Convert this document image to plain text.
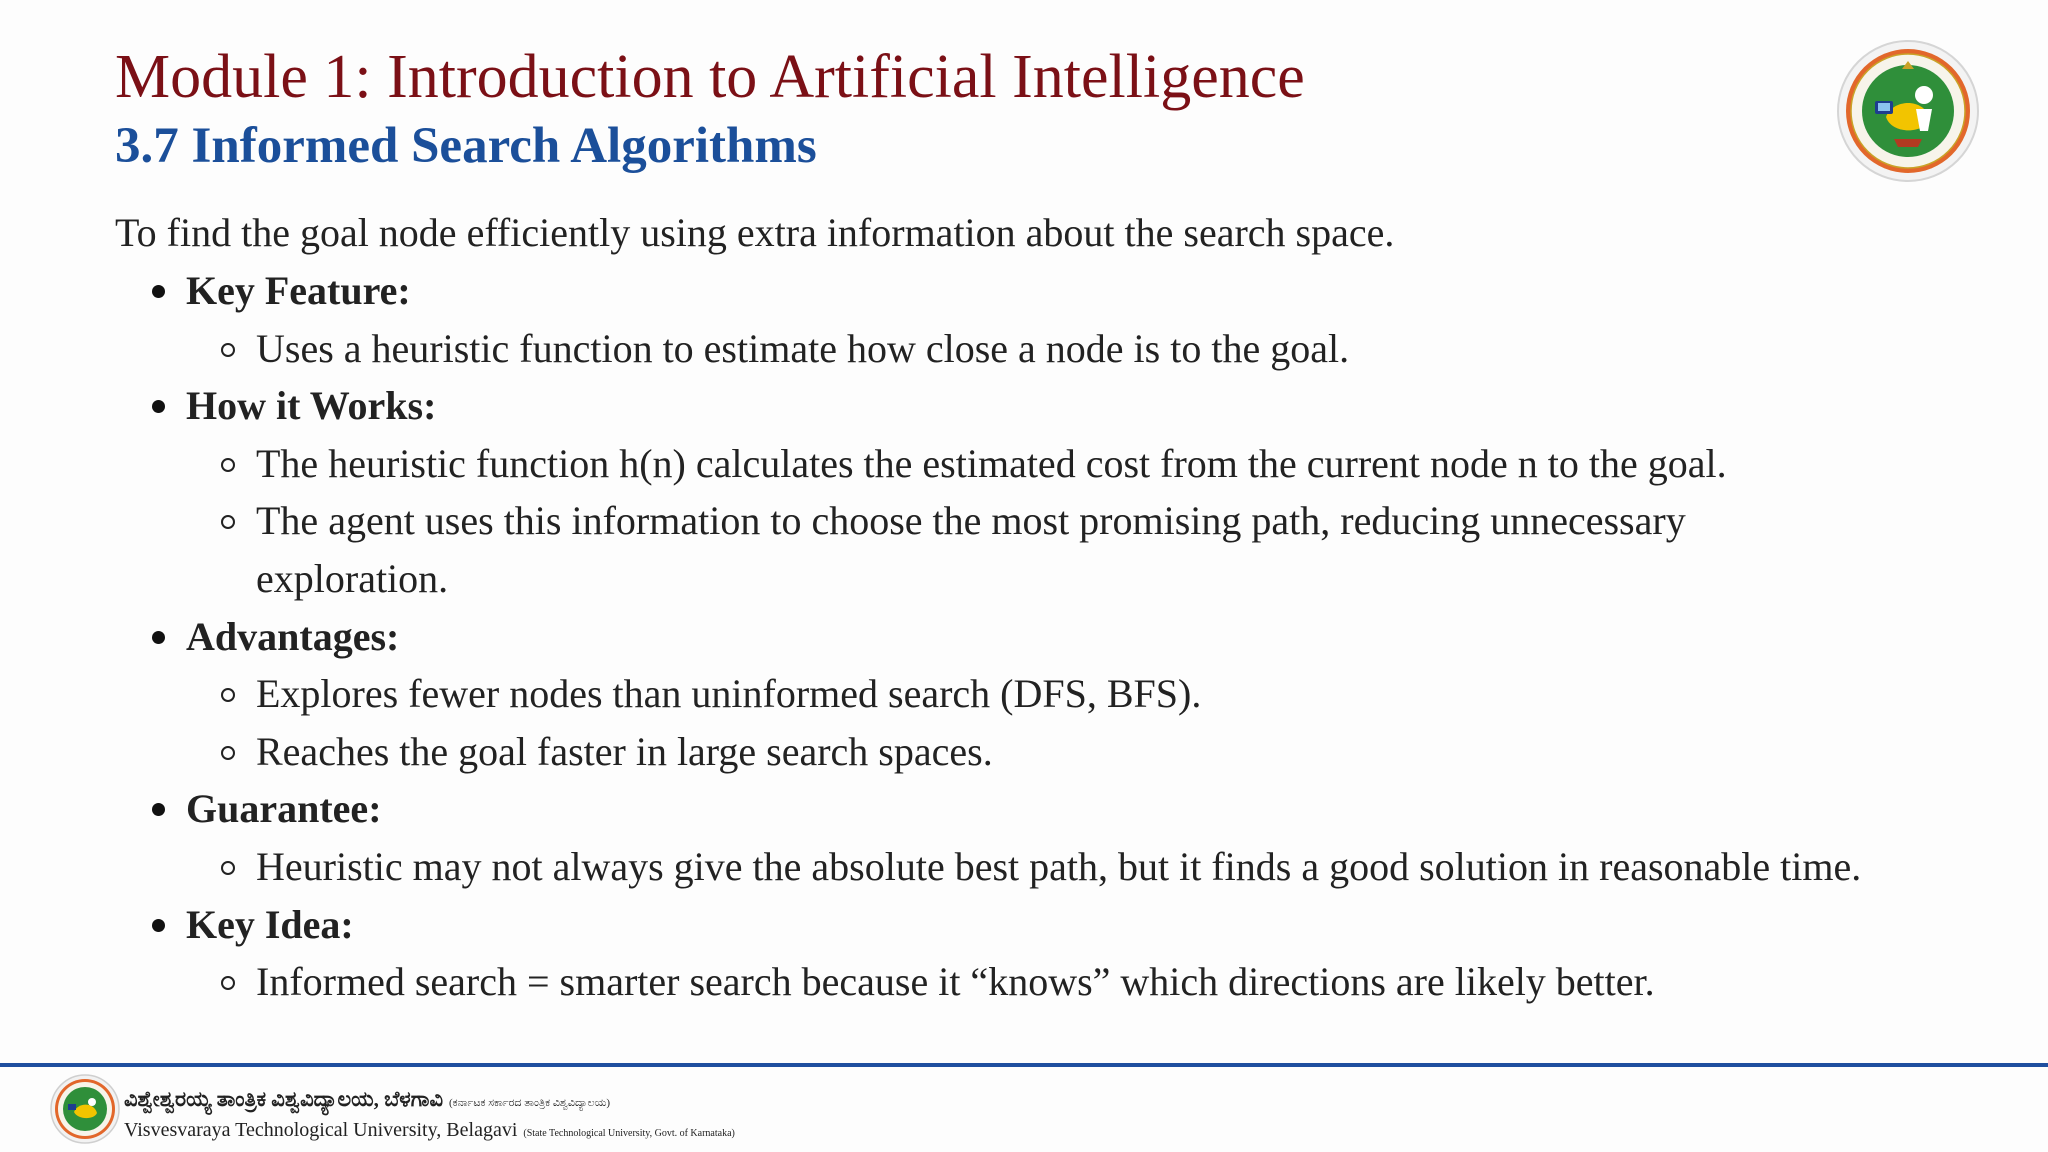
Module 1: Introduction to Artificial Intelligence
3.7 Informed Search Algorithms
To find the goal node efficiently using extra information about the search space.
Key Feature:
Uses a heuristic function to estimate how close a node is to the goal.
How it Works:
The heuristic function h(n) calculates the estimated cost from the current node n to the goal.
The agent uses this information to choose the most promising path, reducing unnecessary
exploration.
Advantages:
Explores fewer nodes than uninformed search (DFS, BFS).
Reaches the goal faster in large search spaces.
Guarantee:
Heuristic may not always give the absolute best path, but it finds a good solution in reasonable time.
Key Idea:
Informed search = smarter search because it “knows” which directions are likely better.
ವಿಶ್ವೇಶ್ವರಯ್ಯ ತಾಂತ್ರಿಕ ವಿಶ್ವವಿದ್ಯಾಲಯ, ಬೆಳಗಾವಿ (ಕರ್ನಾಟಕ ಸರ್ಕಾರದ ತಾಂತ್ರಿಕ ವಿಶ್ವವಿದ್ಯಾಲಯ)
Visvesvaraya Technological University, Belagavi (State Technological University, Govt. of Karnataka)
